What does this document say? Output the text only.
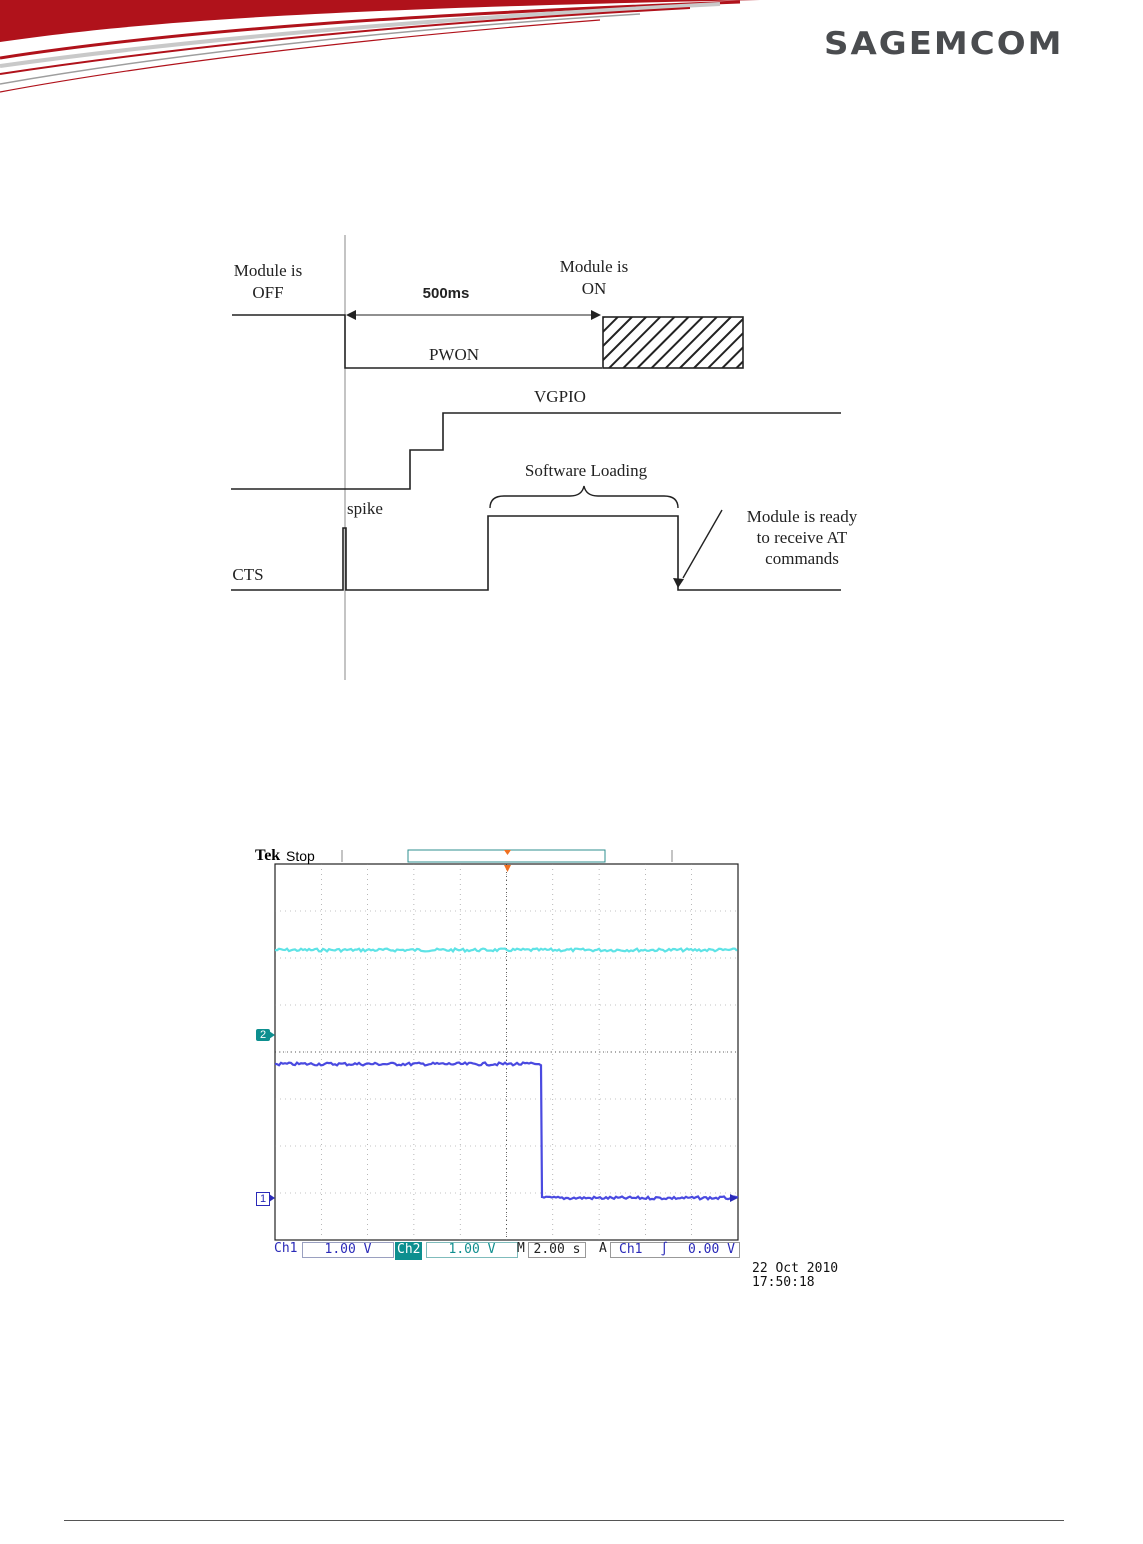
SAGEMCOM
Module is
OFF
Module is
ON
500ms
PWON
VGPIO
Software Loading
spike
CTS
Module is ready
to receive AT
commands
Tek Stop
2
1
Ch1	1.00 V	Ch2	1.00 V	M 2.00 s	A Ch1 ∫ 0.00 V
22 Oct 2010
17:50:18
